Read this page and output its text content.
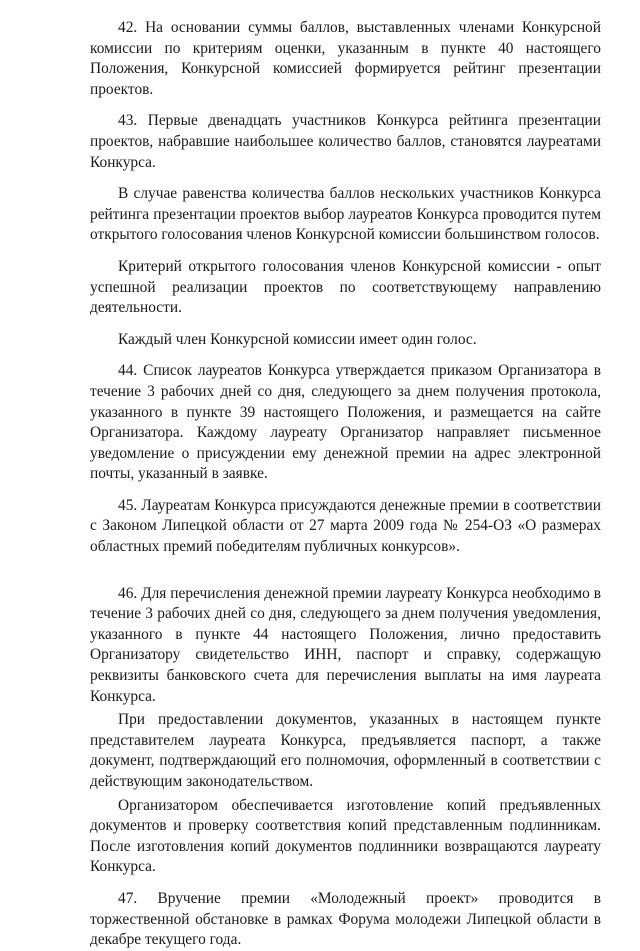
42. На основании суммы баллов, выставленных членами Конкурсной комиссии по критериям оценки, указанным в пункте 40 настоящего Положения, Конкурсной комиссией формируется рейтинг презентации проектов.

43. Первые двенадцать участников Конкурса рейтинга презентации проектов, набравшие наибольшее количество баллов, становятся лауреатами Конкурса.

В случае равенства количества баллов нескольких участников Конкурса рейтинга презентации проектов выбор лауреатов Конкурса проводится путем открытого голосования членов Конкурсной комиссии большинством голосов.

Критерий открытого голосования членов Конкурсной комиссии - опыт успешной реализации проектов по соответствующему направлению деятельности.

Каждый член Конкурсной комиссии имеет один голос.

44. Список лауреатов Конкурса утверждается приказом Организатора в течение 3 рабочих дней со дня, следующего за днем получения протокола, указанного в пункте 39 настоящего Положения, и размещается на сайте Организатора. Каждому лауреату Организатор направляет письменное уведомление о присуждении ему денежной премии на адрес электронной почты, указанный в заявке.

45. Лауреатам Конкурса присуждаются денежные премии в соответствии с Законом Липецкой области от 27 марта 2009 года № 254-ОЗ «О размерах областных премий победителям публичных конкурсов».

46. Для перечисления денежной премии лауреату Конкурса необходимо в течение 3 рабочих дней со дня, следующего за днем получения уведомления, указанного в пункте 44 настоящего Положения, лично предоставить Организатору свидетельство ИНН, паспорт и справку, содержащую реквизиты банковского счета для перечисления выплаты на имя лауреата Конкурса.

При предоставлении документов, указанных в настоящем пункте представителем лауреата Конкурса, предъявляется паспорт, а также документ, подтверждающий его полномочия, оформленный в соответствии с действующим законодательством.

Организатором обеспечивается изготовление копий предъявленных документов и проверку соответствия копий представленным подлинникам. После изготовления копий документов подлинники возвращаются лауреату Конкурса.

47. Вручение премии «Молодежный проект» проводится в торжественной обстановке в рамках Форума молодежи Липецкой области в декабре текущего года.
